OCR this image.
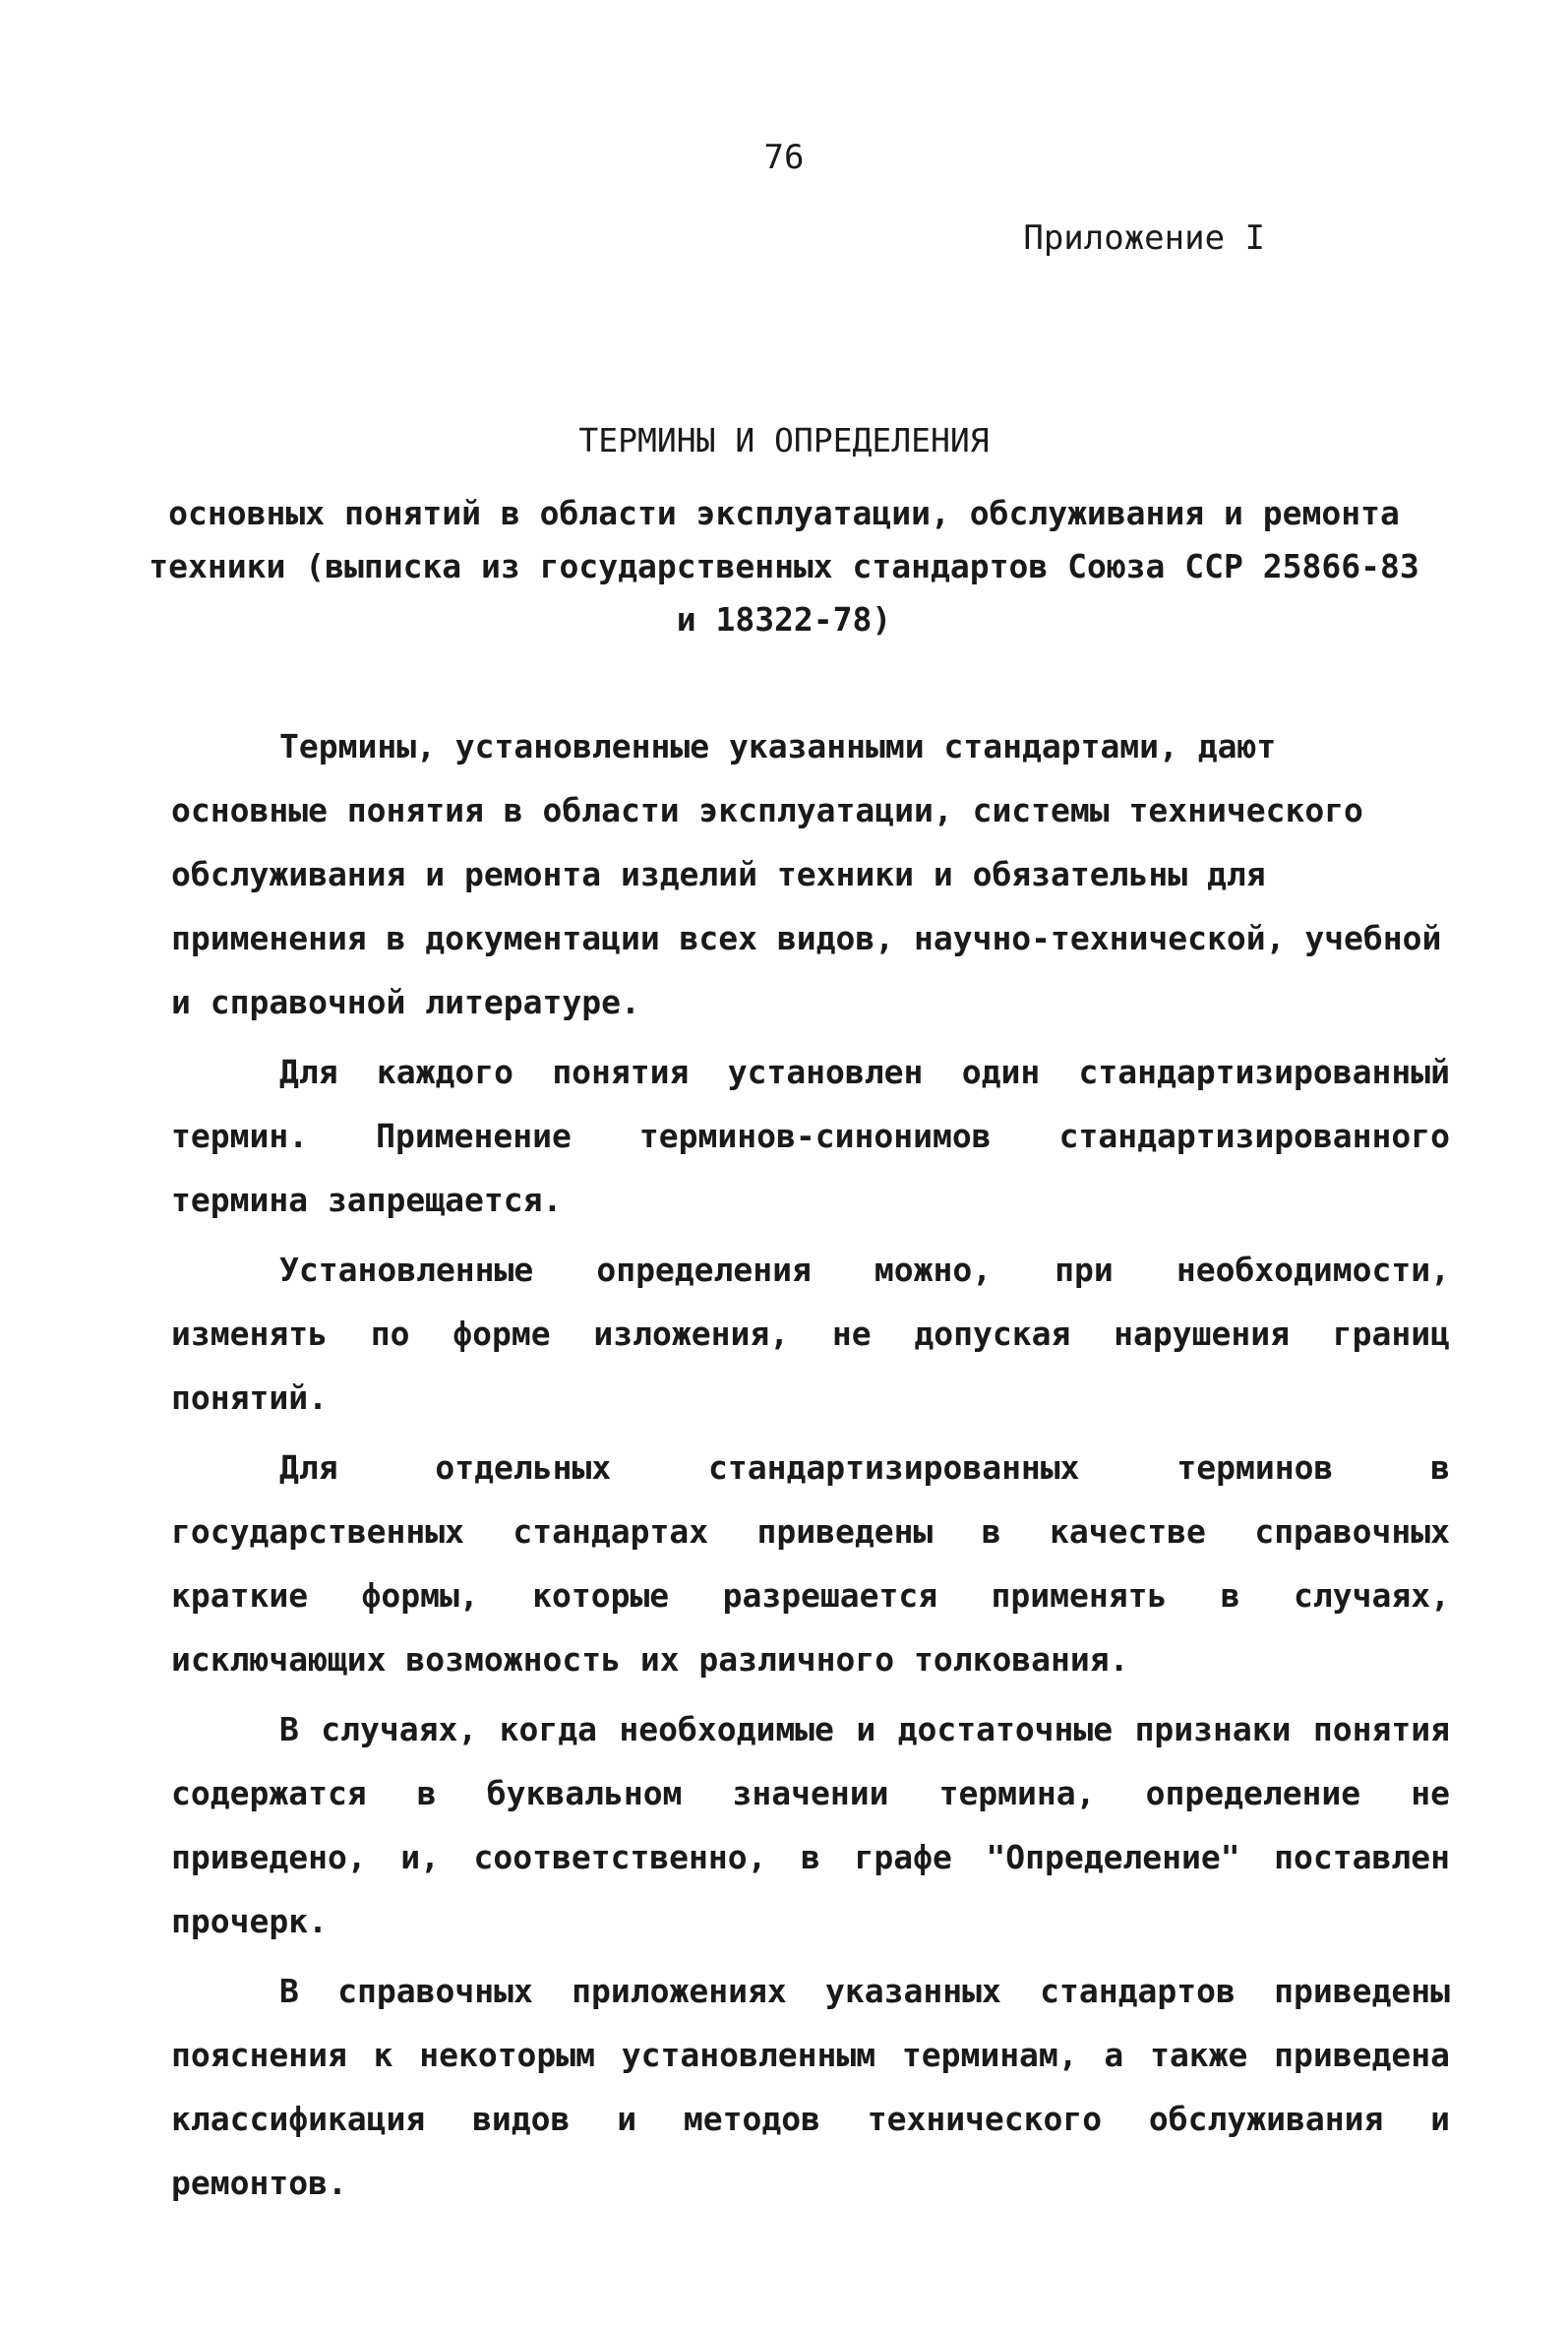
76
Приложение I
ТЕРМИНЫ И ОПРЕДЕЛЕНИЯ
основных понятий в области эксплуатации, обслуживания и ремонта техники (выписка из государственных стандартов Союза ССР 25866-83 и 18322-78)

Термины, установленные указанными стандартами, дают основные понятия в области эксплуатации, системы технического обслуживания и ремонта изделий техники и обязательны для применения в документации всех видов, научно-технической, учебной и справочной литературе.

Для каждого понятия установлен один стандартизированный термин. Применение терминов-синонимов стандартизированного термина запрещается.

Установленные определения можно, при необходимости, изменять по форме изложения, не допуская нарушения границ понятий.

Для отдельных стандартизированных терминов в государственных стандартах приведены в качестве справочных краткие формы, которые разрешается применять в случаях, исключающих возможность их различного толкования.

В случаях, когда необходимые и достаточные признаки понятия содержатся в буквальном значении термина, определение не приведено, и, соответственно, в графе "Определение" поставлен прочерк.

В справочных приложениях указанных стандартов приведены пояснения к некоторым установленным терминам, а также приведена классификация видов и методов технического обслуживания и ремонтов.
